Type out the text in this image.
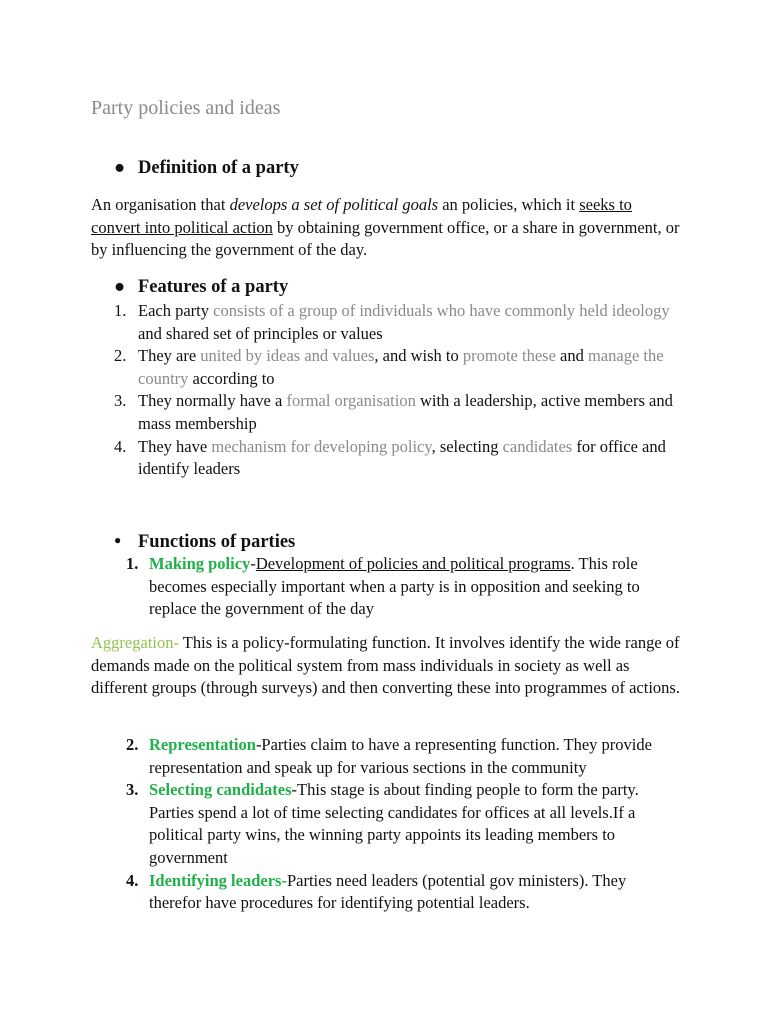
Party policies and ideas
● Definition of a party

An organisation that develops a set of political goals an policies, which it seeks to convert into political action by obtaining government office, or a share in government, or by influencing the government of the day.

● Features of a party
1. Each party consists of a group of individuals who have commonly held ideology and shared set of principles or values
2. They are united by ideas and values, and wish to promote these and manage the country according to
3. They normally have a formal organisation with a leadership, active members and mass membership
4. They have mechanism for developing policy, selecting candidates for office and identify leaders
● Functions of parties
1. Making policy-Development of policies and political programs. This role becomes especially important when a party is in opposition and seeking to replace the government of the day

Aggregation- This is a policy-formulating function. It involves identify the wide range of demands made on the political system from mass individuals in society as well as different groups (through surveys) and then converting these into programmes of actions.

2. Representation-Parties claim to have a representing function. They provide representation and speak up for various sections in the community
3. Selecting candidates-This stage is about finding people to form the party. Parties spend a lot of time selecting candidates for offices at all levels.If a political party wins, the winning party appoints its leading members to government
4. Identifying leaders-Parties need leaders (potential gov ministers). They therefor have procedures for identifying potential leaders.
